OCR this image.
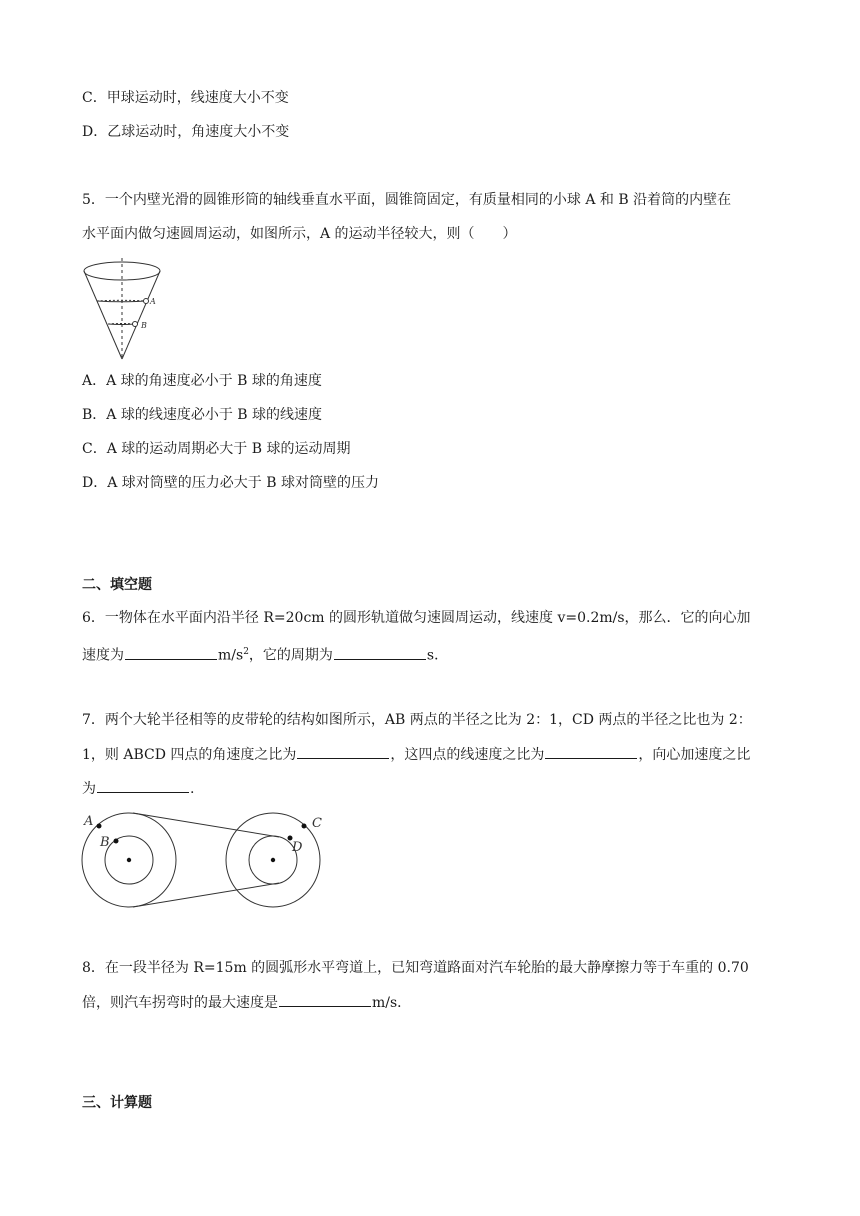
C．甲球运动时，线速度大小不变
D．乙球运动时，角速度大小不变
5．一个内壁光滑的圆锥形筒的轴线垂直水平面，圆锥筒固定，有质量相同的小球 A 和 B 沿着筒的内壁在
水平面内做匀速圆周运动，如图所示，A 的运动半径较大，则（　　）
A
B
A．A 球的角速度必小于 B 球的角速度
B．A 球的线速度必小于 B 球的线速度
C．A 球的运动周期必大于 B 球的运动周期
D．A 球对筒壁的压力必大于 B 球对筒壁的压力
二、填空题
6．一物体在水平面内沿半径 R=20cm 的圆形轨道做匀速圆周运动，线速度 v=0.2m/s，那么．它的向心加
速度为	$m/s^2$，它的周期为	s．
7．两个大轮半径相等的皮带轮的结构如图所示，AB 两点的半径之比为 2：1，CD 两点的半径之比也为 2：
1，则 ABCD 四点的角速度之比为	，这四点的线速度之比为	，向心加速度之比
为	.
A
B
C
D
8．在一段半径为 R=15m 的圆弧形水平弯道上，已知弯道路面对汽车轮胎的最大静摩擦力等于车重的 0.70
倍，则汽车拐弯时的最大速度是	m/s．
三、计算题
